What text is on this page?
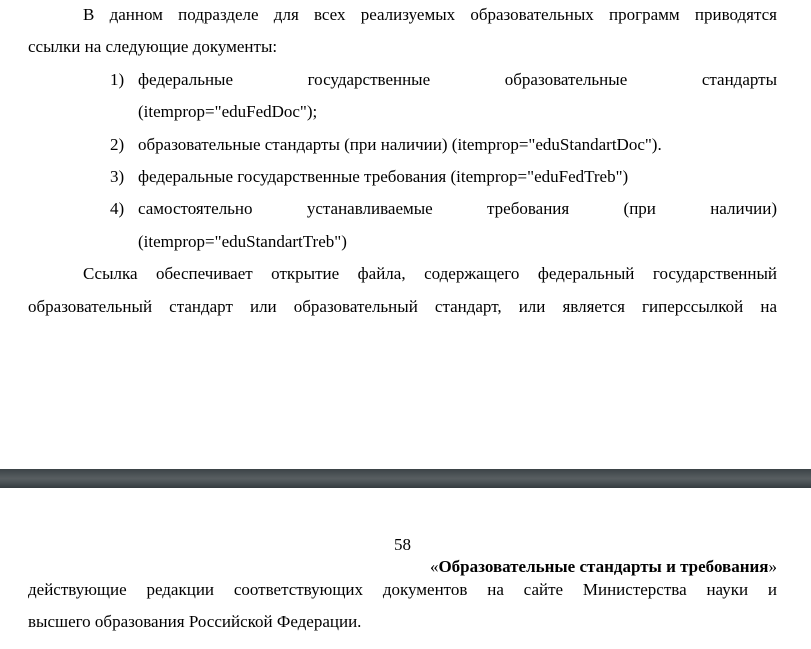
В данном подразделе для всех реализуемых образовательных программ приводятся
ссылки на следующие документы:
1) федеральные государственные образовательные стандарты
(itemprop="eduFedDoc");
2) образовательные стандарты (при наличии) (itemprop="eduStandartDoc").
3) федеральные государственные требования (itemprop="eduFedTreb")
4) самостоятельно устанавливаемые требования (при наличии)
(itemprop="eduStandartTreb")
Ссылка обеспечивает открытие файла, содержащего федеральный государственный
образовательный стандарт или образовательный стандарт, или является гиперссылкой на
58
«Образовательные стандарты и требования»
действующие редакции соответствующих документов на сайте Министерства науки и
высшего образования Российской Федерации.
